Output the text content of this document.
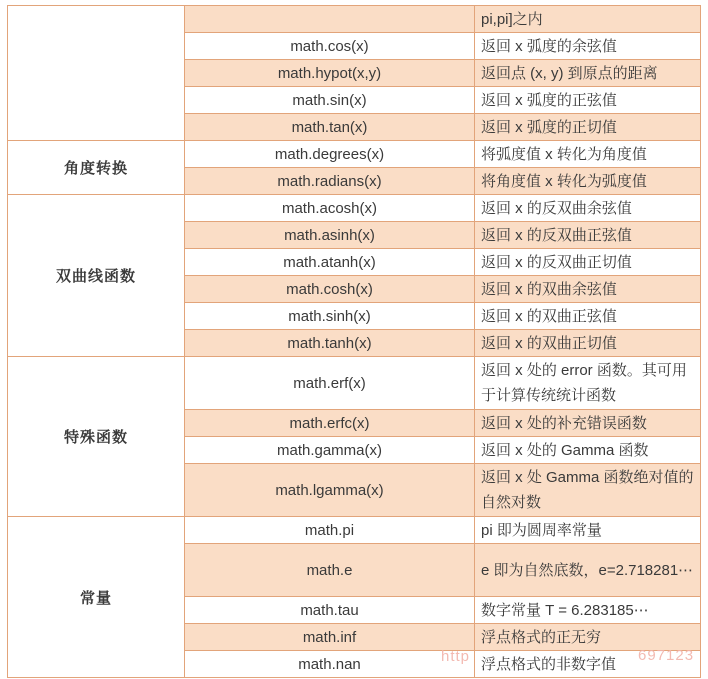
		pi,pi]之内
	math.cos(x)	返回 x 弧度的余弦值
	math.hypot(x,y)	返回点 (x, y) 到原点的距离
	math.sin(x)	返回 x 弧度的正弦值
	math.tan(x)	返回 x 弧度的正切值
角度转换	math.degrees(x)	将弧度值 x 转化为角度值
	math.radians(x)	将角度值 x 转化为弧度值
双曲线函数	math.acosh(x)	返回 x 的反双曲余弦值
	math.asinh(x)	返回 x 的反双曲正弦值
	math.atanh(x)	返回 x 的反双曲正切值
	math.cosh(x)	返回 x 的双曲余弦值
	math.sinh(x)	返回 x 的双曲正弦值
	math.tanh(x)	返回 x 的双曲正切值
特殊函数	math.erf(x)	返回 x 处的 error 函数。其可用于计算传统统计函数
	math.erfc(x)	返回 x 处的补充错误函数
	math.gamma(x)	返回 x 处的 Gamma 函数
	math.lgamma(x)	返回 x 处 Gamma 函数绝对值的自然对数
常量	math.pi	pi 即为圆周率常量
	math.e	e 即为自然底数，e=2.718281⋯
	math.tau	数字常量 T = 6.283185⋯
	math.inf	浮点格式的正无穷
	math.nan	浮点格式的非数字值
http	697123
